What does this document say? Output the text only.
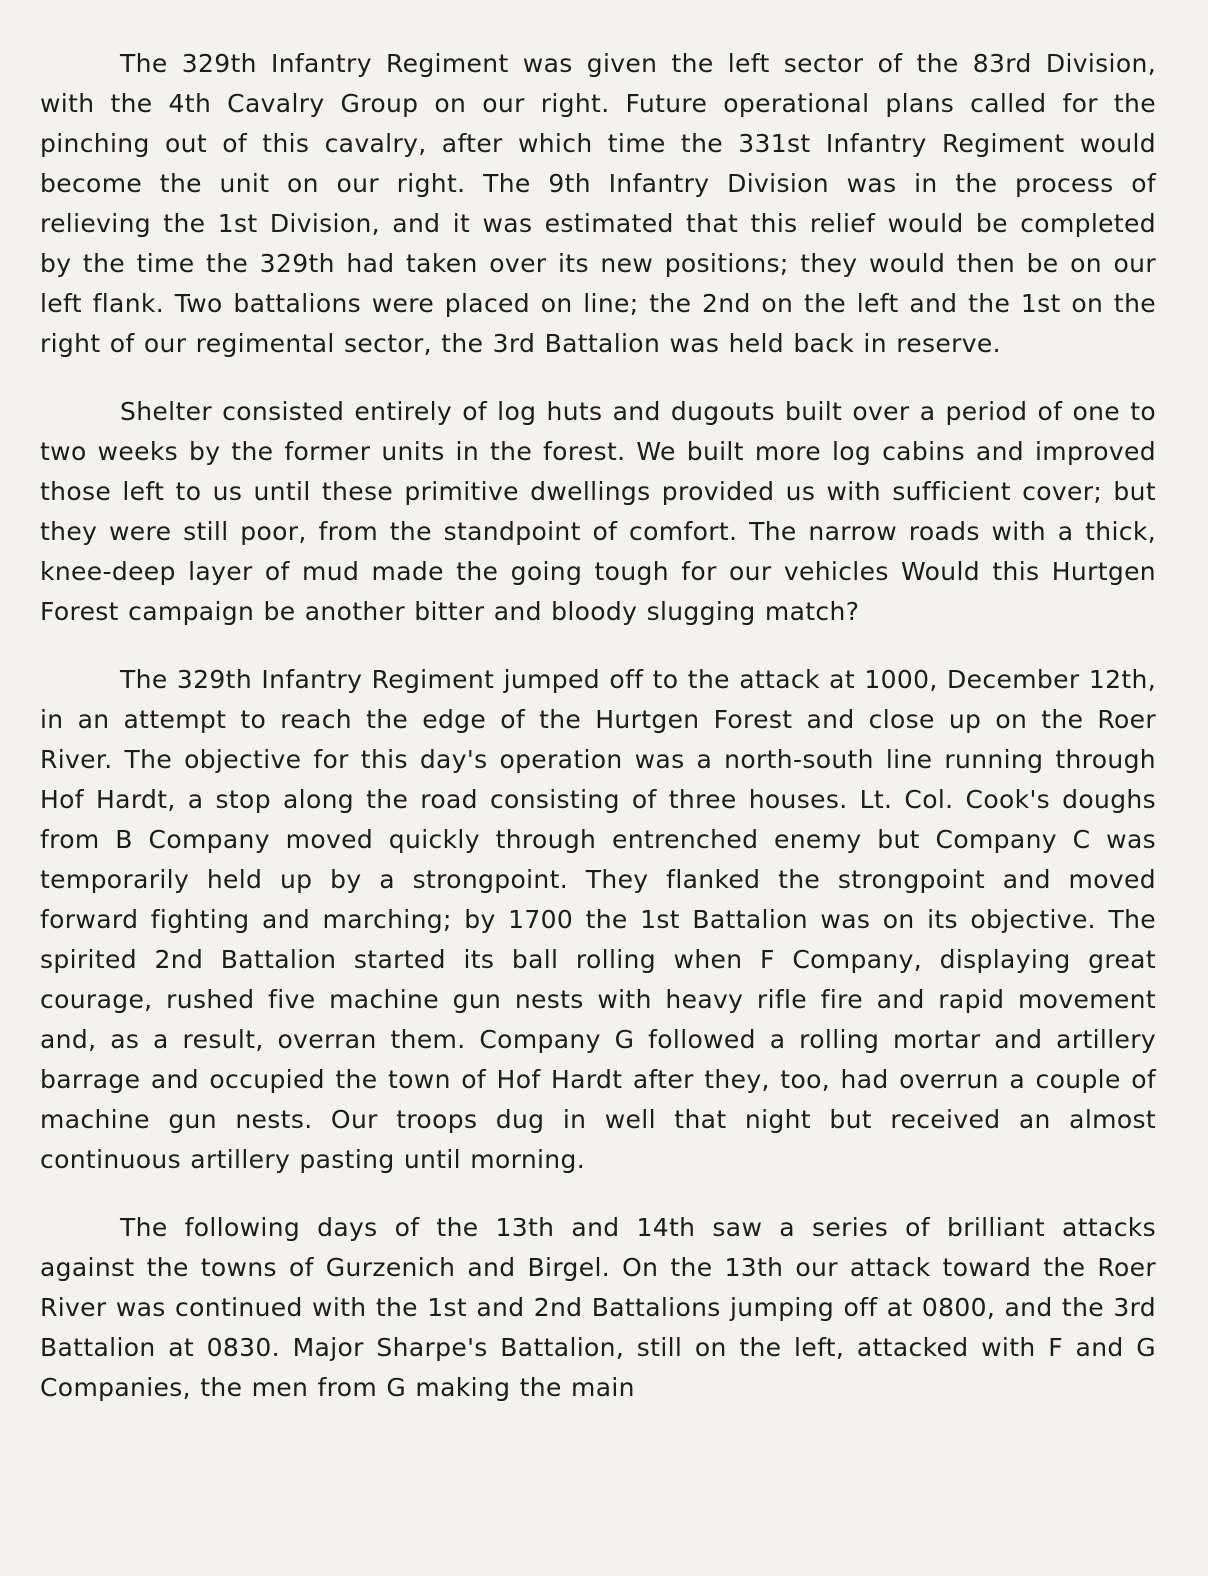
The 329th Infantry Regiment was given the left sector of the 83rd Division, with the 4th Cavalry Group on our right. Future operational plans called for the pinching out of this cavalry, after which time the 331st Infantry Regiment would become the unit on our right. The 9th Infantry Division was in the process of relieving the 1st Division, and it was estimated that this relief would be completed by the time the 329th had taken over its new positions; they would then be on our left flank. Two battalions were placed on line; the 2nd on the left and the 1st on the right of our regimental sector, the 3rd Battalion was held back in reserve.

Shelter consisted entirely of log huts and dugouts built over a period of one to two weeks by the former units in the forest. We built more log cabins and improved those left to us until these primitive dwellings provided us with sufficient cover; but they were still poor, from the standpoint of comfort. The narrow roads with a thick, knee-deep layer of mud made the going tough for our vehicles Would this Hurtgen Forest campaign be another bitter and bloody slugging match?

The 329th Infantry Regiment jumped off to the attack at 1000, December 12th, in an attempt to reach the edge of the Hurtgen Forest and close up on the Roer River. The objective for this day's operation was a north-south line running through Hof Hardt, a stop along the road consisting of three houses. Lt. Col. Cook's doughs from B Company moved quickly through entrenched enemy but Company C was temporarily held up by a strongpoint. They flanked the strongpoint and moved forward fighting and marching; by 1700 the 1st Battalion was on its objective. The spirited 2nd Battalion started its ball rolling when F Company, displaying great courage, rushed five machine gun nests with heavy rifle fire and rapid movement and, as a result, overran them. Company G followed a rolling mortar and artillery barrage and occupied the town of Hof Hardt after they, too, had overrun a couple of machine gun nests. Our troops dug in well that night but received an almost continuous artillery pasting until morning.

The following days of the 13th and 14th saw a series of brilliant attacks against the towns of Gurzenich and Birgel. On the 13th our attack toward the Roer River was continued with the 1st and 2nd Battalions jumping off at 0800, and the 3rd Battalion at 0830. Major Sharpe's Battalion, still on the left, attacked with F and G Companies, the men from G making the main
